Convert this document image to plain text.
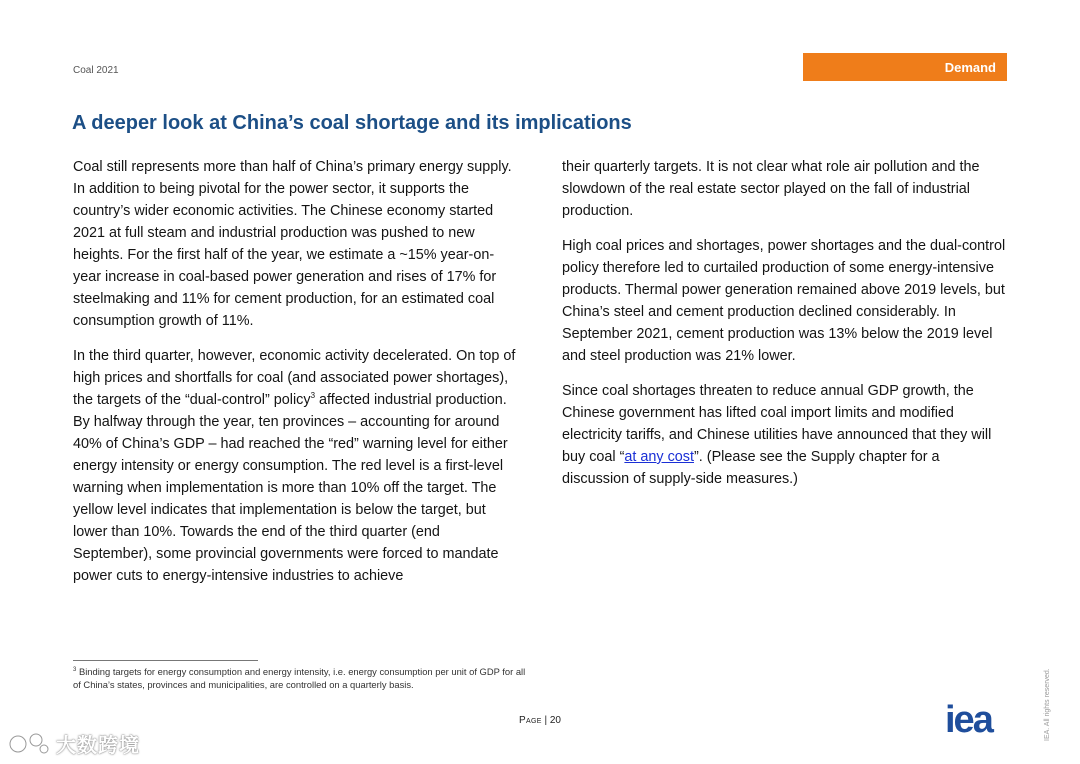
Coal 2021	Demand
A deeper look at China’s coal shortage and its implications

Coal still represents more than half of China’s primary energy supply. In addition to being pivotal for the power sector, it supports the country’s wider economic activities. The Chinese economy started 2021 at full steam and industrial production was pushed to new heights. For the first half of the year, we estimate a ~15% year-on-year increase in coal-based power generation and rises of 17% for steelmaking and 11% for cement production, for an estimated coal consumption growth of 11%.

In the third quarter, however, economic activity decelerated. On top of high prices and shortfalls for coal (and associated power shortages), the targets of the “dual-control” policy$^3$ affected industrial production. By halfway through the year, ten provinces – accounting for around 40% of China’s GDP – had reached the “red” warning level for either energy intensity or energy consumption. The red level is a first-level warning when implementation is more than 10% off the target. The yellow level indicates that implementation is below the target, but lower than 10%. Towards the end of the third quarter (end September), some provincial governments were forced to mandate power cuts to energy-intensive industries to achieve

their quarterly targets. It is not clear what role air pollution and the slowdown of the real estate sector played on the fall of industrial production.

High coal prices and shortages, power shortages and the dual-control policy therefore led to curtailed production of some energy-intensive products. Thermal power generation remained above 2019 levels, but China’s steel and cement production declined considerably. In September 2021, cement production was 13% below the 2019 level and steel production was 21% lower.

Since coal shortages threaten to reduce annual GDP growth, the Chinese government has lifted coal import limits and modified electricity tariffs, and Chinese utilities have announced that they will buy coal “at any cost”. (Please see the Supply chapter for a discussion of supply-side measures.)

$^3$ Binding targets for energy consumption and energy intensity, i.e. energy consumption per unit of GDP for all of China’s states, provinces and municipalities, are controlled on a quarterly basis.
Page | 20	iea	IEA. All rights reserved.
大数跨境
